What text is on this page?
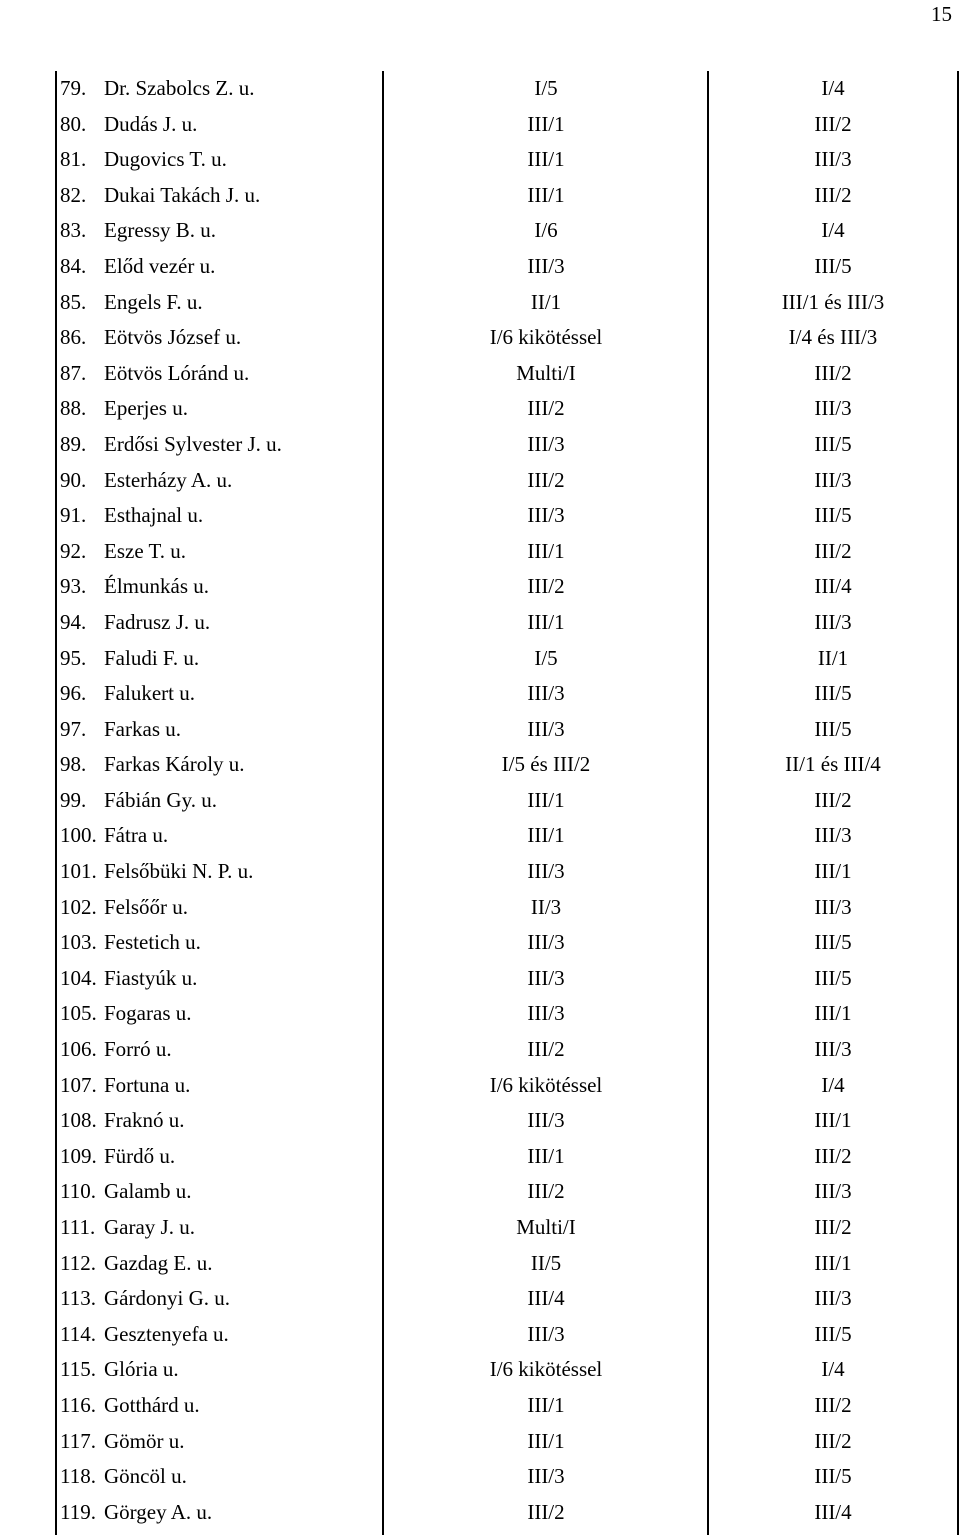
15
79. Dr. Szabolcs Z. u.	I/5	I/4
80. Dudás J. u.	III/1	III/2
81. Dugovics T. u.	III/1	III/3
82. Dukai Takách J. u.	III/1	III/2
83. Egressy B. u.	I/6	I/4
84. Előd vezér u.	III/3	III/5
85. Engels F. u.	II/1	III/1 és III/3
86. Eötvös József u.	I/6 kikötéssel	I/4 és III/3
87. Eötvös Lóránd u.	Multi/I	III/2
88. Eperjes u.	III/2	III/3
89. Erdősi Sylvester J. u.	III/3	III/5
90. Esterházy A. u.	III/2	III/3
91. Esthajnal u.	III/3	III/5
92. Esze T. u.	III/1	III/2
93. Élmunkás u.	III/2	III/4
94. Fadrusz J. u.	III/1	III/3
95. Faludi F. u.	I/5	II/1
96. Falukert u.	III/3	III/5
97. Farkas u.	III/3	III/5
98. Farkas Károly u.	I/5 és III/2	II/1 és III/4
99. Fábián Gy. u.	III/1	III/2
100. Fátra u.	III/1	III/3
101. Felsőbüki N. P. u.	III/3	III/1
102. Felsőőr u.	II/3	III/3
103. Festetich u.	III/3	III/5
104. Fiastyúk u.	III/3	III/5
105. Fogaras u.	III/3	III/1
106. Forró u.	III/2	III/3
107. Fortuna u.	I/6 kikötéssel	I/4
108. Fraknó u.	III/3	III/1
109. Fürdő u.	III/1	III/2
110. Galamb u.	III/2	III/3
111. Garay J. u.	Multi/I	III/2
112. Gazdag E. u.	II/5	III/1
113. Gárdonyi G. u.	III/4	III/3
114. Gesztenyefa u.	III/3	III/5
115. Glória u.	I/6 kikötéssel	I/4
116. Gotthárd u.	III/1	III/2
117. Gömör u.	III/1	III/2
118. Göncöl u.	III/3	III/5
119. Görgey A. u.	III/2	III/4
